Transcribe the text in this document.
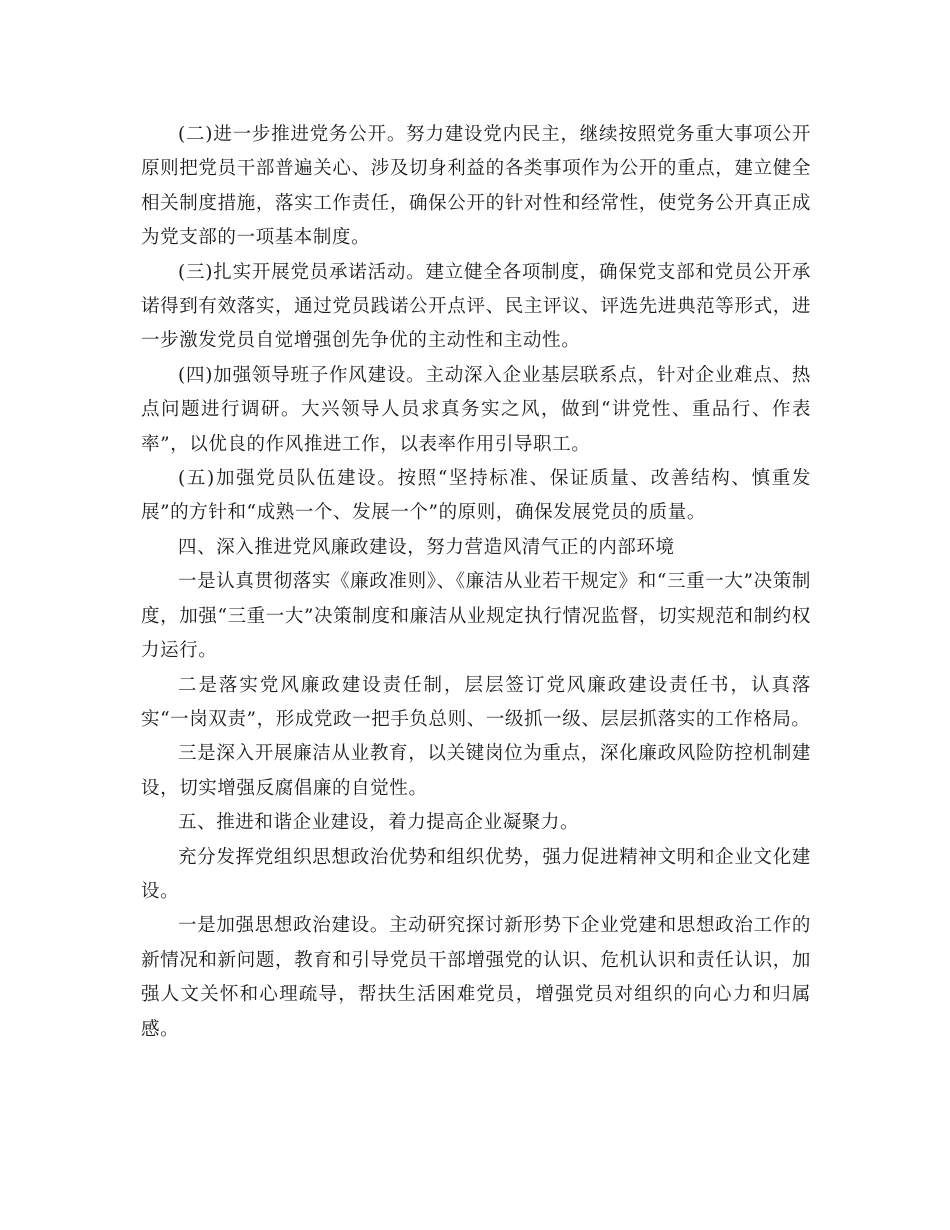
(二)进一步推进党务公开。努力建设党内民主，继续按照党务重大事项公开原则把党员干部普遍关心、涉及切身利益的各类事项作为公开的重点，建立健全相关制度措施，落实工作责任，确保公开的针对性和经常性，使党务公开真正成为党支部的一项基本制度。

(三)扎实开展党员承诺活动。建立健全各项制度，确保党支部和党员公开承诺得到有效落实，通过党员践诺公开点评、民主评议、评选先进典范等形式，进一步激发党员自觉增强创先争优的主动性和主动性。

(四)加强领导班子作风建设。主动深入企业基层联系点，针对企业难点、热点问题进行调研。大兴领导人员求真务实之风，做到“讲党性、重品行、作表率”，以优良的作风推进工作，以表率作用引导职工。

(五)加强党员队伍建设。按照“坚持标准、保证质量、改善结构、慎重发展”的方针和“成熟一个、发展一个”的原则，确保发展党员的质量。

四、深入推进党风廉政建设，努力营造风清气正的内部环境

一是认真贯彻落实《廉政准则》、《廉洁从业若干规定》和“三重一大”决策制度，加强“三重一大”决策制度和廉洁从业规定执行情况监督，切实规范和制约权力运行。

二是落实党风廉政建设责任制，层层签订党风廉政建设责任书，认真落实“一岗双责”，形成党政一把手负总则、一级抓一级、层层抓落实的工作格局。

三是深入开展廉洁从业教育，以关键岗位为重点，深化廉政风险防控机制建设，切实增强反腐倡廉的自觉性。

五、推进和谐企业建设，着力提高企业凝聚力。

充分发挥党组织思想政治优势和组织优势，强力促进精神文明和企业文化建设。

一是加强思想政治建设。主动研究探讨新形势下企业党建和思想政治工作的新情况和新问题，教育和引导党员干部增强党的认识、危机认识和责任认识，加强人文关怀和心理疏导，帮扶生活困难党员，增强党员对组织的向心力和归属感。
